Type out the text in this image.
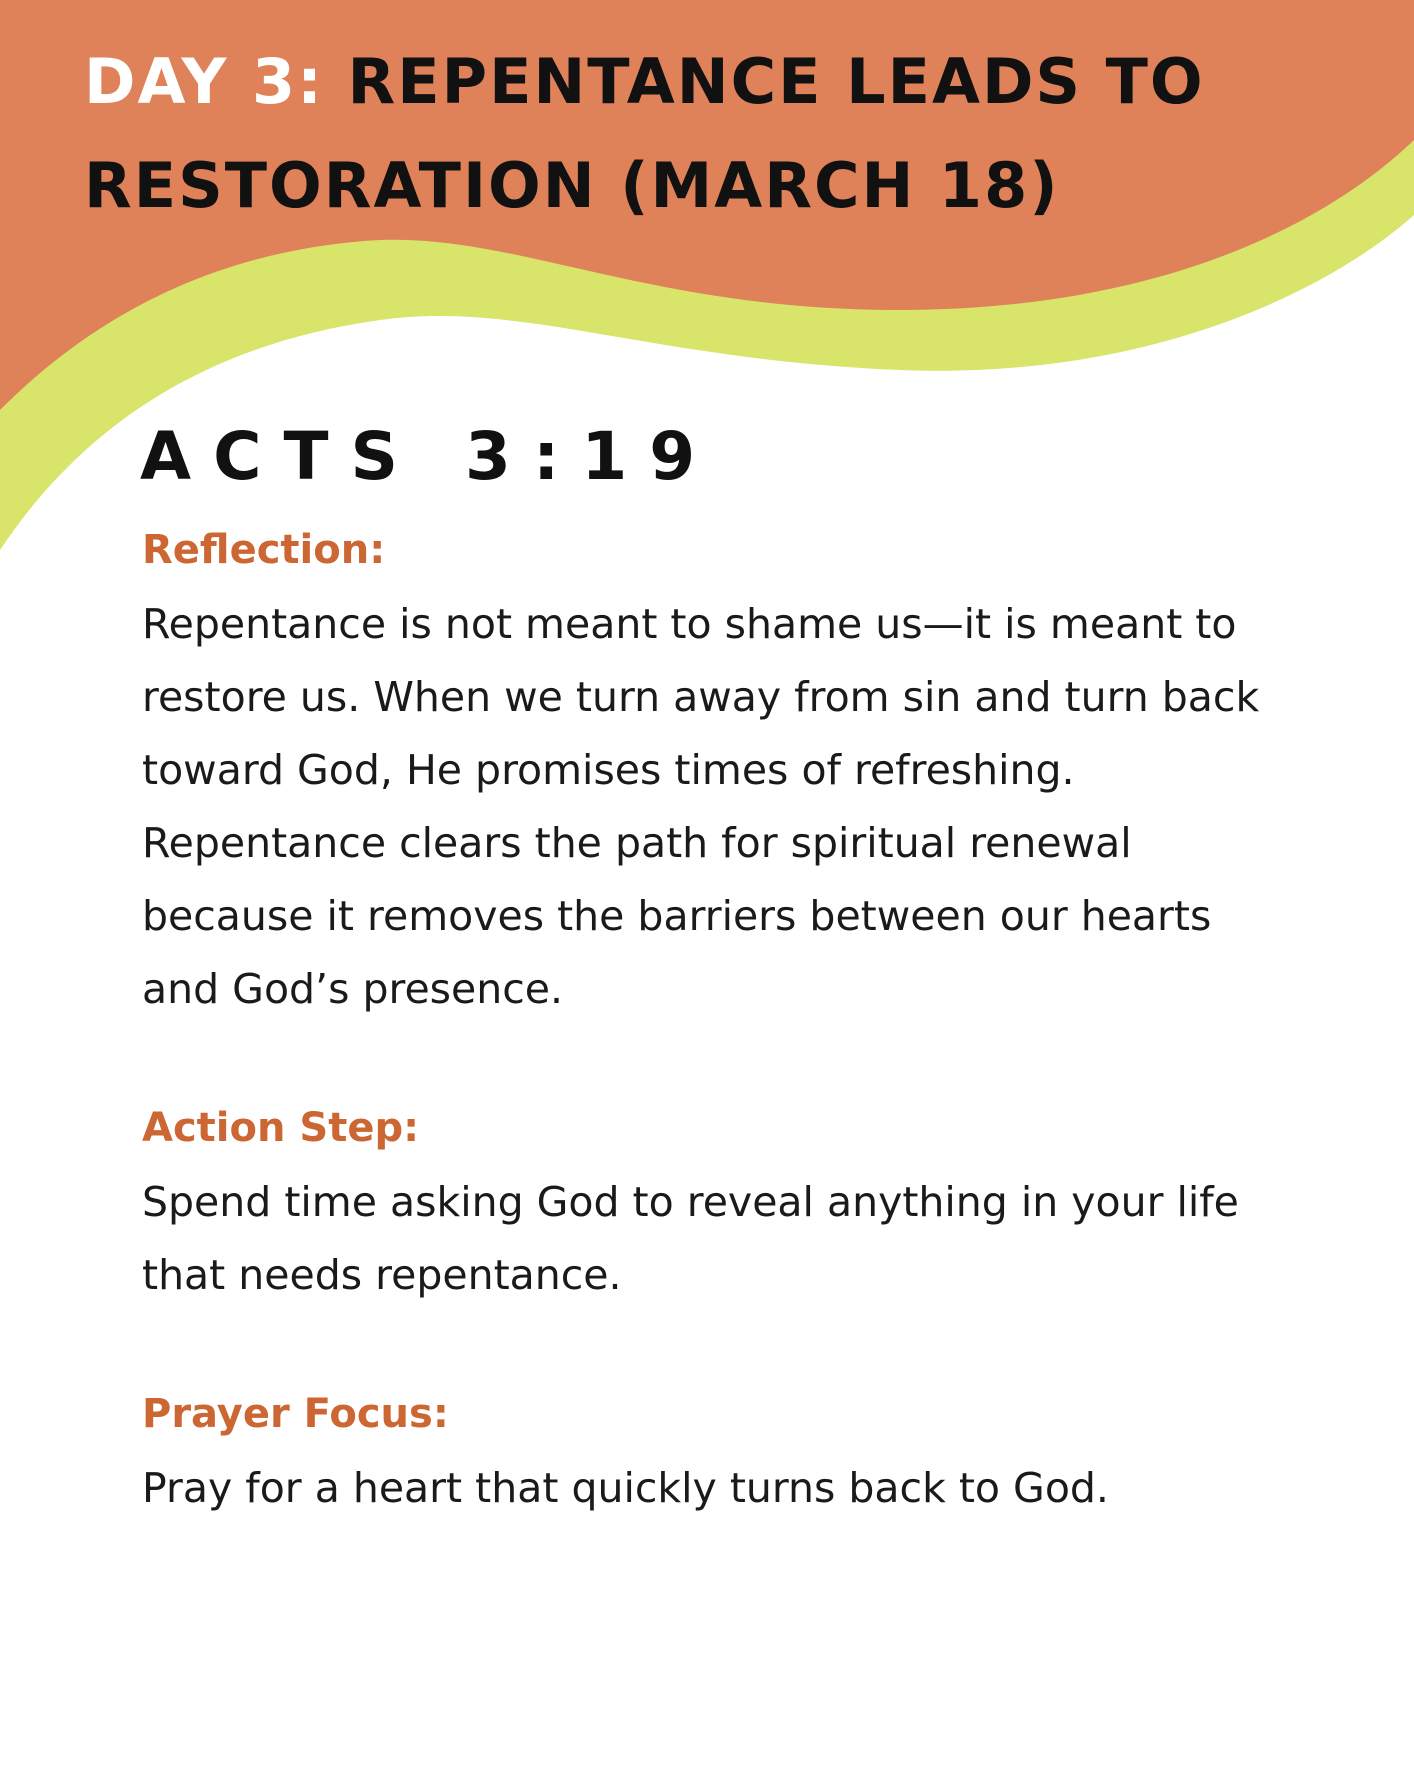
DAY 3: REPENTANCE LEADS TO RESTORATION (MARCH 18)
ACTS 3:19
Reflection:

Repentance is not meant to shame us—it is meant to restore us. When we turn away from sin and turn back toward God, He promises times of refreshing. Repentance clears the path for spiritual renewal because it removes the barriers between our hearts and God’s presence.

Action Step:

Spend time asking God to reveal anything in your life that needs repentance.

Prayer Focus:

Pray for a heart that quickly turns back to God.
